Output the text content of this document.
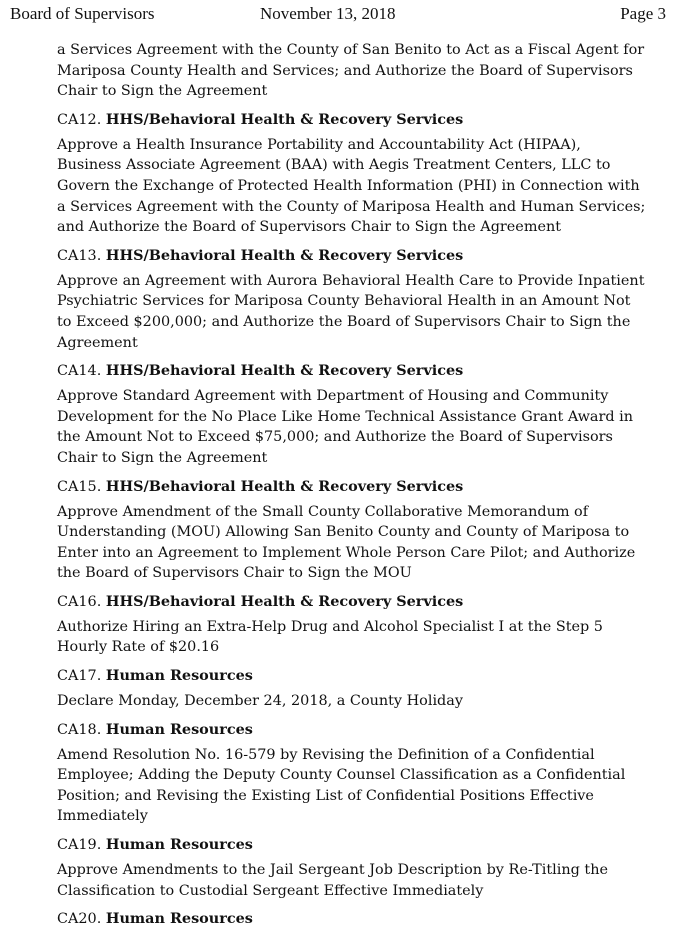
Board of Supervisors	November 13, 2018	Page 3
a Services Agreement with the County of San Benito to Act as a Fiscal Agent for
Mariposa County Health and Services; and Authorize the Board of Supervisors
Chair to Sign the Agreement
CA12. HHS/Behavioral Health & Recovery Services
Approve a Health Insurance Portability and Accountability Act (HIPAA),
Business Associate Agreement (BAA) with Aegis Treatment Centers, LLC to
Govern the Exchange of Protected Health Information (PHI) in Connection with
a Services Agreement with the County of Mariposa Health and Human Services;
and Authorize the Board of Supervisors Chair to Sign the Agreement
CA13. HHS/Behavioral Health & Recovery Services
Approve an Agreement with Aurora Behavioral Health Care to Provide Inpatient
Psychiatric Services for Mariposa County Behavioral Health in an Amount Not
to Exceed $200,000; and Authorize the Board of Supervisors Chair to Sign the
Agreement
CA14. HHS/Behavioral Health & Recovery Services
Approve Standard Agreement with Department of Housing and Community
Development for the No Place Like Home Technical Assistance Grant Award in
the Amount Not to Exceed $75,000; and Authorize the Board of Supervisors
Chair to Sign the Agreement
CA15. HHS/Behavioral Health & Recovery Services
Approve Amendment of the Small County Collaborative Memorandum of
Understanding (MOU) Allowing San Benito County and County of Mariposa to
Enter into an Agreement to Implement Whole Person Care Pilot; and Authorize
the Board of Supervisors Chair to Sign the MOU
CA16. HHS/Behavioral Health & Recovery Services
Authorize Hiring an Extra-Help Drug and Alcohol Specialist I at the Step 5
Hourly Rate of $20.16
CA17. Human Resources
Declare Monday, December 24, 2018, a County Holiday
CA18. Human Resources
Amend Resolution No. 16-579 by Revising the Definition of a Confidential
Employee; Adding the Deputy County Counsel Classification as a Confidential
Position; and Revising the Existing List of Confidential Positions Effective
Immediately
CA19. Human Resources
Approve Amendments to the Jail Sergeant Job Description by Re-Titling the
Classification to Custodial Sergeant Effective Immediately
CA20. Human Resources
